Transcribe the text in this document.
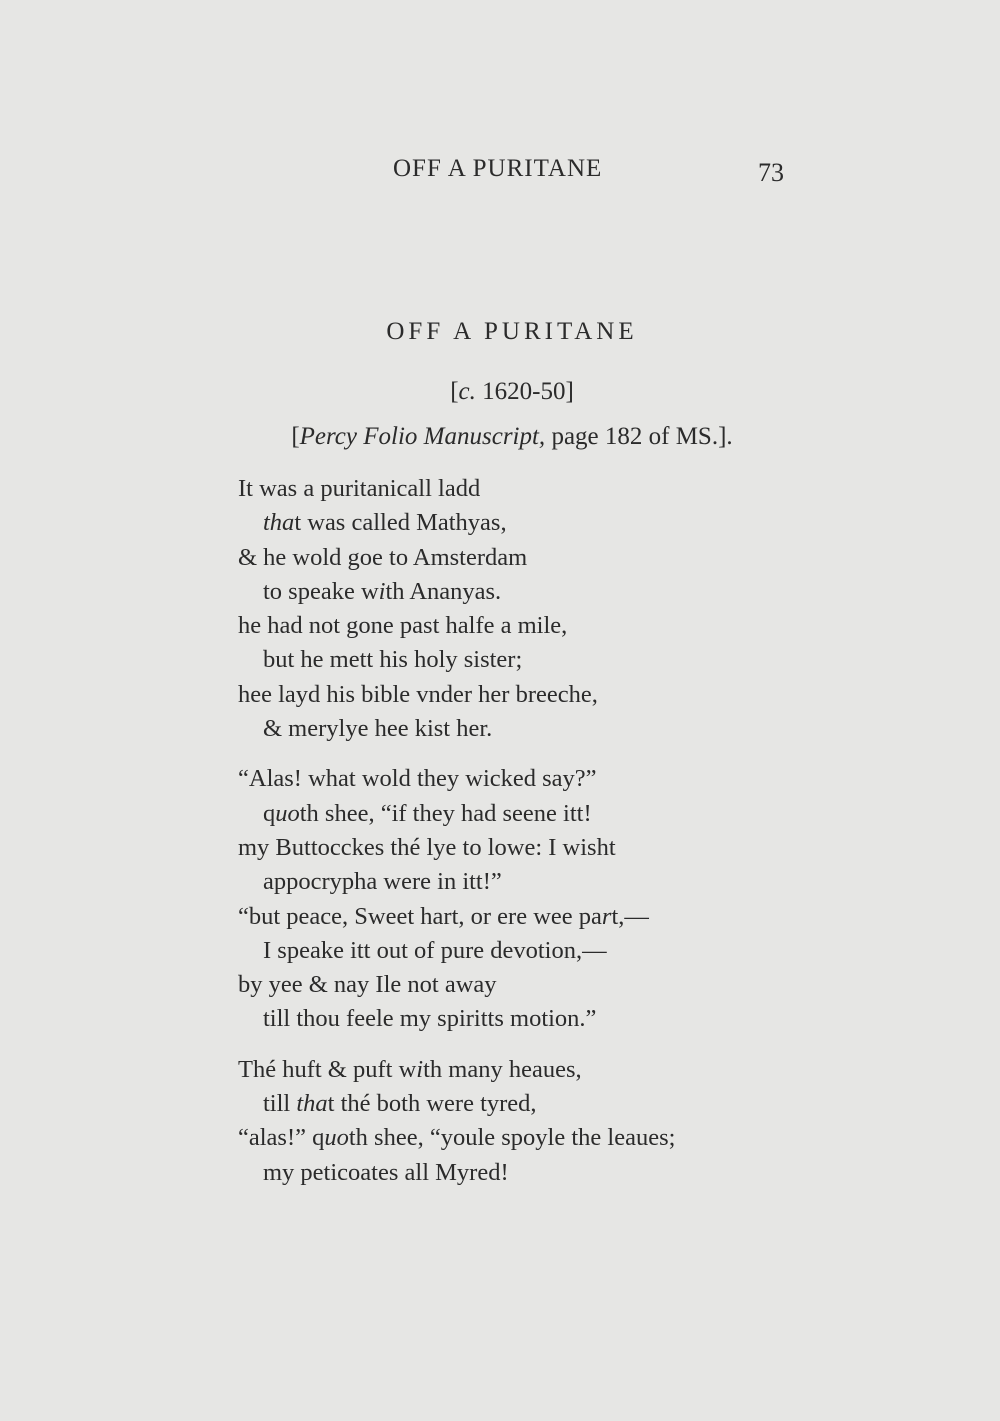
OFF A PURITANE	73
OFF A PURITANE
[c. 1620-50]
[Percy Folio Manuscript, page 182 of MS.].
It was a puritanicall ladd
that was called Mathyas,
& he wold goe to Amsterdam
to speake with Ananyas.
he had not gone past halfe a mile,
but he mett his holy sister;
hee layd his bible vnder her breeche,
& merylye hee kist her.
“Alas! what wold they wicked say?”
quoth shee, “if they had seene itt!
my Buttocckes thé lye to lowe: I wisht
appocrypha were in itt!”
“but peace, Sweet hart, or ere wee part,—
I speake itt out of pure devotion,—
by yee & nay Ile not away
till thou feele my spiritts motion.”
Thé huft & puft with many heaues,
till that thé both were tyred,
“alas!” quoth shee, “youle spoyle the leaues;
my peticoates all Myred!
